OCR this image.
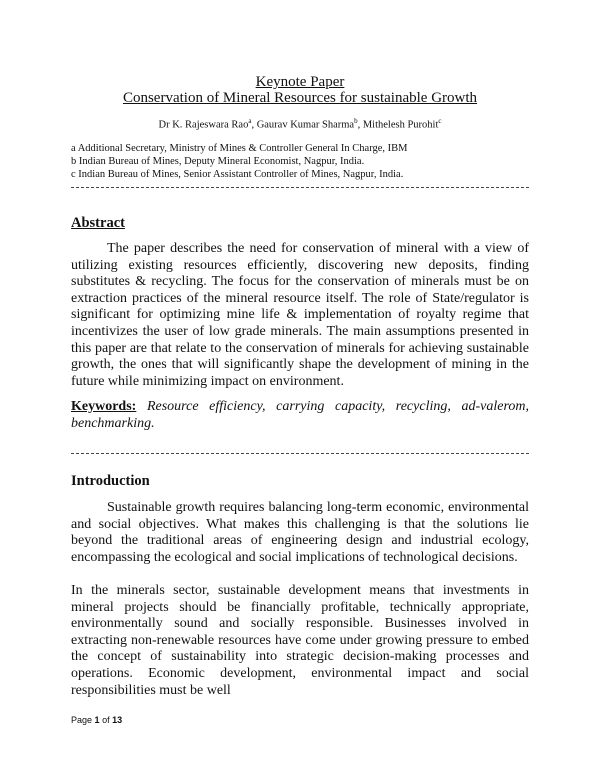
Keynote Paper
Conservation of Mineral Resources for sustainable Growth
Dr K. Rajeswara Rao$^a$, Gaurav Kumar Sharma$^b$, Mithelesh Purohit$^c$
a Additional Secretary, Ministry of Mines & Controller General In Charge, IBM
b Indian Bureau of Mines, Deputy Mineral Economist, Nagpur, India.
c Indian Bureau of Mines, Senior Assistant Controller of Mines, Nagpur, India.
Abstract
The paper describes the need for conservation of mineral with a view of utilizing existing resources efficiently, discovering new deposits, finding substitutes & recycling. The focus for the conservation of minerals must be on extraction practices of the mineral resource itself. The role of State/regulator is significant for optimizing mine life & implementation of royalty regime that incentivizes the user of low grade minerals. The main assumptions presented in this paper are that relate to the conservation of minerals for achieving sustainable growth, the ones that will significantly shape the development of mining in the future while minimizing impact on environment.
Keywords: Resource efficiency, carrying capacity, recycling, ad-valerom, benchmarking.
Introduction
Sustainable growth requires balancing long-term economic, environmental and social objectives. What makes this challenging is that the solutions lie beyond the traditional areas of engineering design and industrial ecology, encompassing the ecological and social implications of technological decisions.
In the minerals sector, sustainable development means that investments in mineral projects should be financially profitable, technically appropriate, environmentally sound and socially responsible. Businesses involved in extracting non-renewable resources have come under growing pressure to embed the concept of sustainability into strategic decision-making processes and operations. Economic development, environmental impact and social responsibilities must be well
Page 1 of 13
